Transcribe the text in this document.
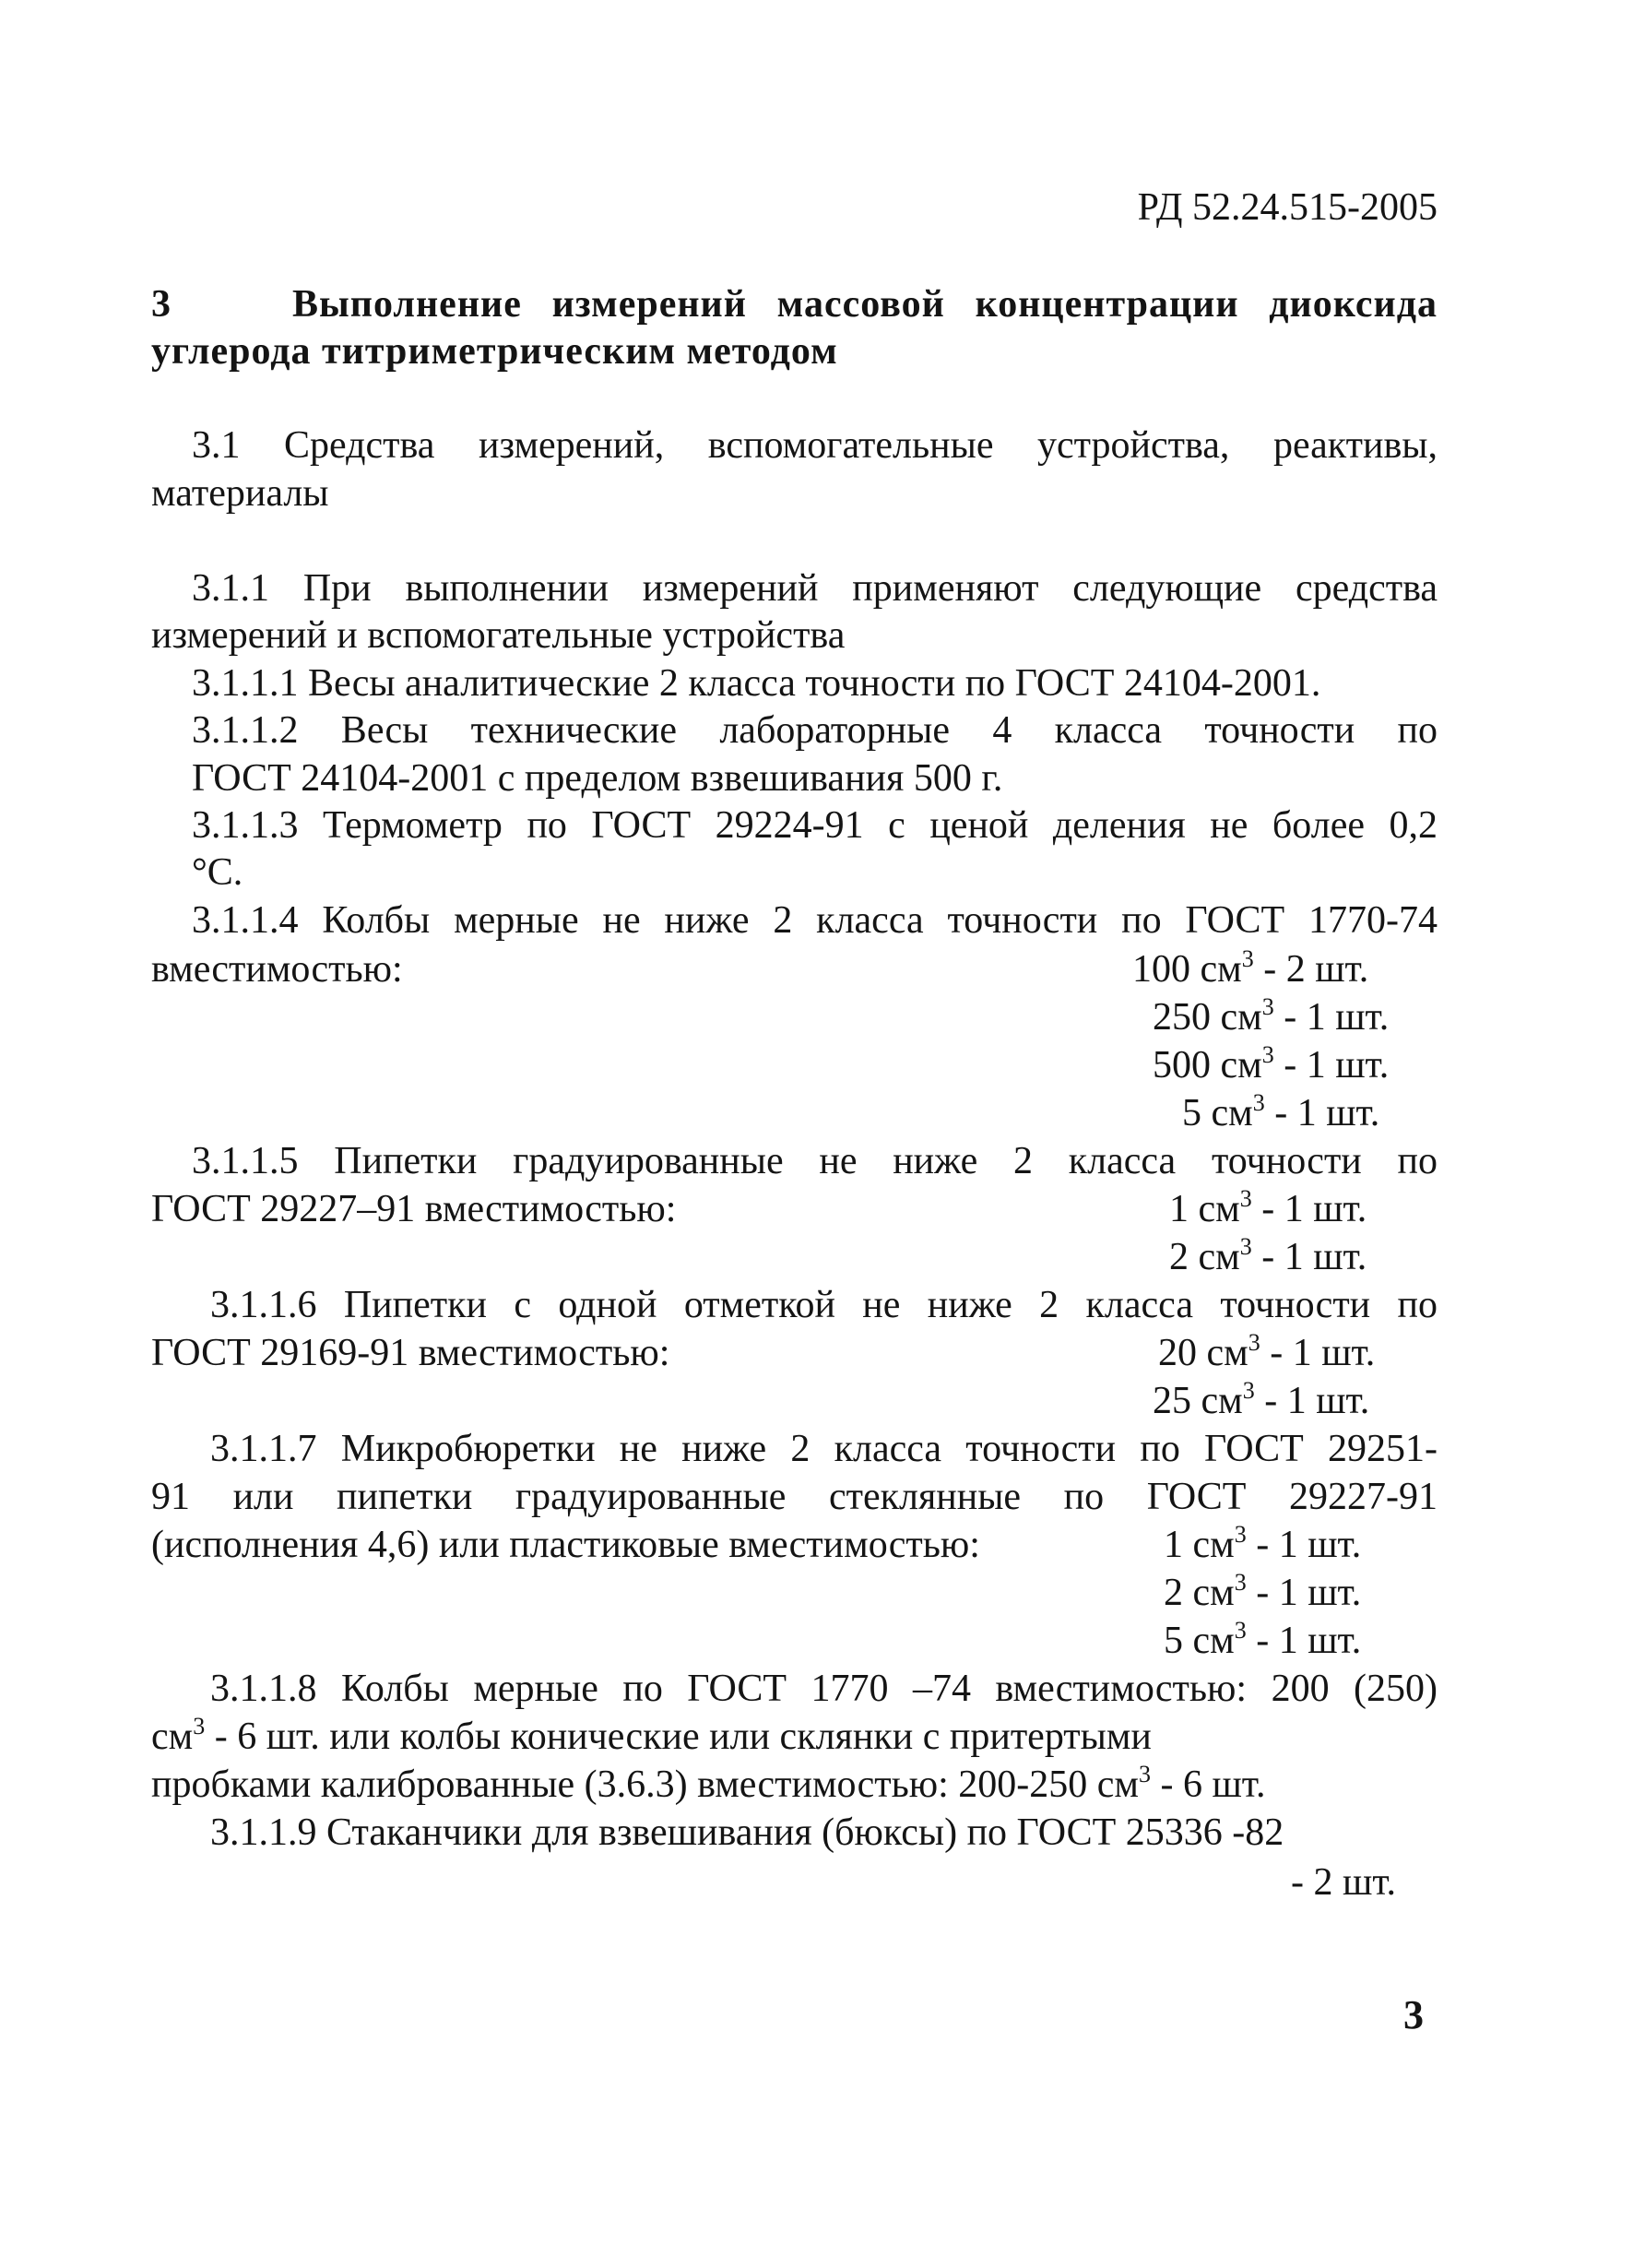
РД 52.24.515-2005
3	Выполнение измерений массовой концентрации диоксида
углерода титриметрическим методом
3.1 Средства измерений, вспомогательные устройства, реактивы,
материалы
3.1.1 При выполнении измерений применяют следующие средства
измерений и вспомогательные устройства
3.1.1.1 Весы аналитические 2 класса точности по ГОСТ 24104-2001.
3.1.1.2 Весы технические лабораторные 4 класса точности по
ГОСТ 24104-2001 с пределом взвешивания 500 г.
3.1.1.3 Термометр по ГОСТ 29224-91 с ценой деления не более 0,2
°С.
3.1.1.4 Колбы мерные не ниже 2 класса точности по ГОСТ 1770-74
вместимостью:	100 $см^3 - 2$ шт.
250 $см^3 - 1$ шт.
500 $см^3 - 1$ шт.
5 $см^3 - 1$ шт.
3.1.1.5 Пипетки градуированные не ниже 2 класса точности по
ГОСТ 29227–91 вместимостью:	1 $см^3 - 1$ шт.
2 $см^3 - 1$ шт.
3.1.1.6 Пипетки с одной отметкой не ниже 2 класса точности по
ГОСТ 29169-91 вместимостью:	20 $см^3 - 1$ шт.
25 $см^3 - 1$ шт.
3.1.1.7 Микробюретки не ниже 2 класса точности по ГОСТ 29251-
91 или пипетки градуированные стеклянные по ГОСТ 29227-91
(исполнения 4,6) или пластиковые вместимостью:	1 $см^3 - 1$ шт.
2 $см^3 - 1$ шт.
5 $см^3 - 1$ шт.
3.1.1.8 Колбы мерные по ГОСТ 1770 –74 вместимостью: 200 (250)
$см^3 - 6$ шт. или колбы конические или склянки с притертыми
пробками калиброванные (3.6.3) вместимостью: 200-250 $см^3 - 6$ шт.
3.1.1.9 Стаканчики для взвешивания (бюксы) по ГОСТ 25336 -82
- 2 шт.
3
